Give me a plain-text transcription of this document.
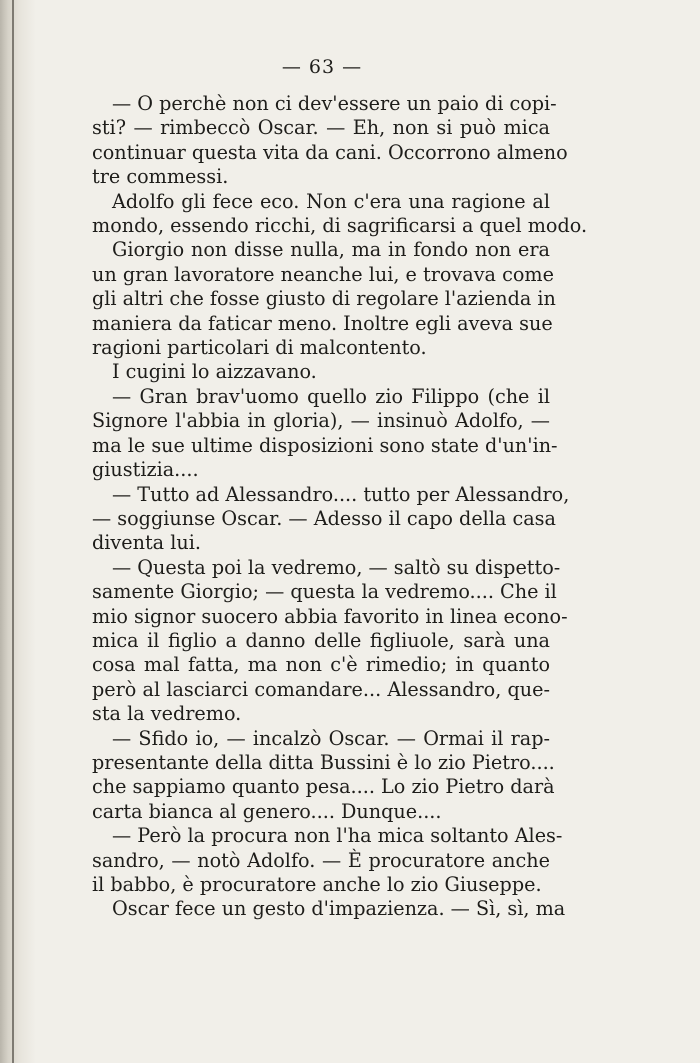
— 63 —
— O perchè non ci dev'essere un paio di copi-
sti? — rimbeccò Oscar. — Eh, non si può mica
continuar questa vita da cani. Occorrono almeno
tre commessi.
Adolfo gli fece eco. Non c'era una ragione al
mondo, essendo ricchi, di sagrificarsi a quel modo.
Giorgio non disse nulla, ma in fondo non era
un gran lavoratore neanche lui, e trovava come
gli altri che fosse giusto di regolare l'azienda in
maniera da faticar meno. Inoltre egli aveva sue
ragioni particolari di malcontento.
I cugini lo aizzavano.
— Gran brav'uomo quello zio Filippo (che il
Signore l'abbia in gloria), — insinuò Adolfo, —
ma le sue ultime disposizioni sono state d'un'in-
giustizia....
— Tutto ad Alessandro.... tutto per Alessandro,
— soggiunse Oscar. — Adesso il capo della casa
diventa lui.
— Questa poi la vedremo, — saltò su dispetto-
samente Giorgio; — questa la vedremo.... Che il
mio signor suocero abbia favorito in linea econo-
mica il figlio a danno delle figliuole, sarà una
cosa mal fatta, ma non c'è rimedio; in quanto
però al lasciarci comandare... Alessandro, que-
sta la vedremo.
— Sfido io, — incalzò Oscar. — Ormai il rap-
presentante della ditta Bussini è lo zio Pietro....
che sappiamo quanto pesa.... Lo zio Pietro darà
carta bianca al genero.... Dunque....
— Però la procura non l'ha mica soltanto Ales-
sandro, — notò Adolfo. — È procuratore anche
il babbo, è procuratore anche lo zio Giuseppe.
Oscar fece un gesto d'impazienza. — Sì, sì, ma
